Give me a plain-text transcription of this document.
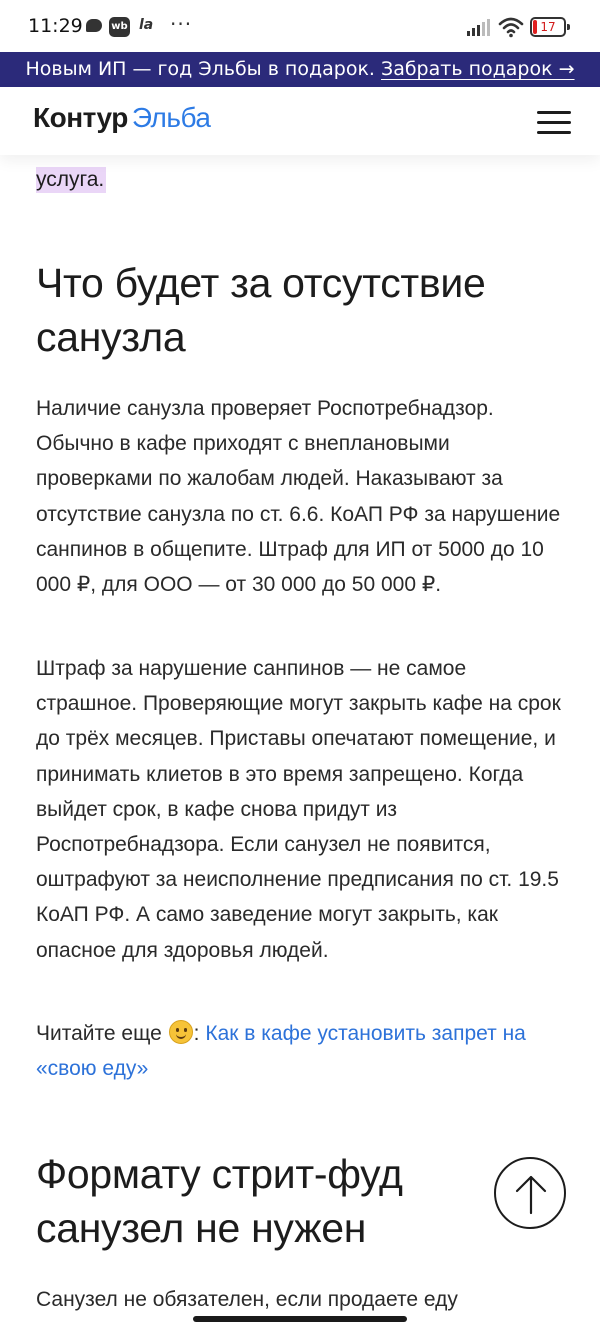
11:29	wb la ···	17
Новым ИП — год Эльбы в подарок. Забрать подарок →
Контур Эльба
услуга.
Что будет за отсутствие санузла

Наличие санузла проверяет Роспотребнадзор. Обычно в кафе приходят с внеплановыми проверками по жалобам людей. Наказывают за отсутствие санузла по ст. 6.6. КоАП РФ за нарушение санпинов в общепите. Штраф для ИП от 5000 до 10 000 ₽, для ООО — от 30 000 до 50 000 ₽.

Штраф за нарушение санпинов — не самое страшное. Проверяющие могут закрыть кафе на срок до трёх месяцев. Приставы опечатают помещение, и принимать клиетов в это время запрещено. Когда выйдет срок, в кафе снова придут из Роспотребнадзора. Если санузел не появится, оштрафуют за неисполнение предписания по ст. 19.5 КоАП РФ. А само заведение могут закрыть, как опасное для здоровья людей.

Читайте еще : Как в кафе установить запрет на «свою еду»

Формату стрит-фуд санузел не нужен

Санузел не обязателен, если продаете еду
